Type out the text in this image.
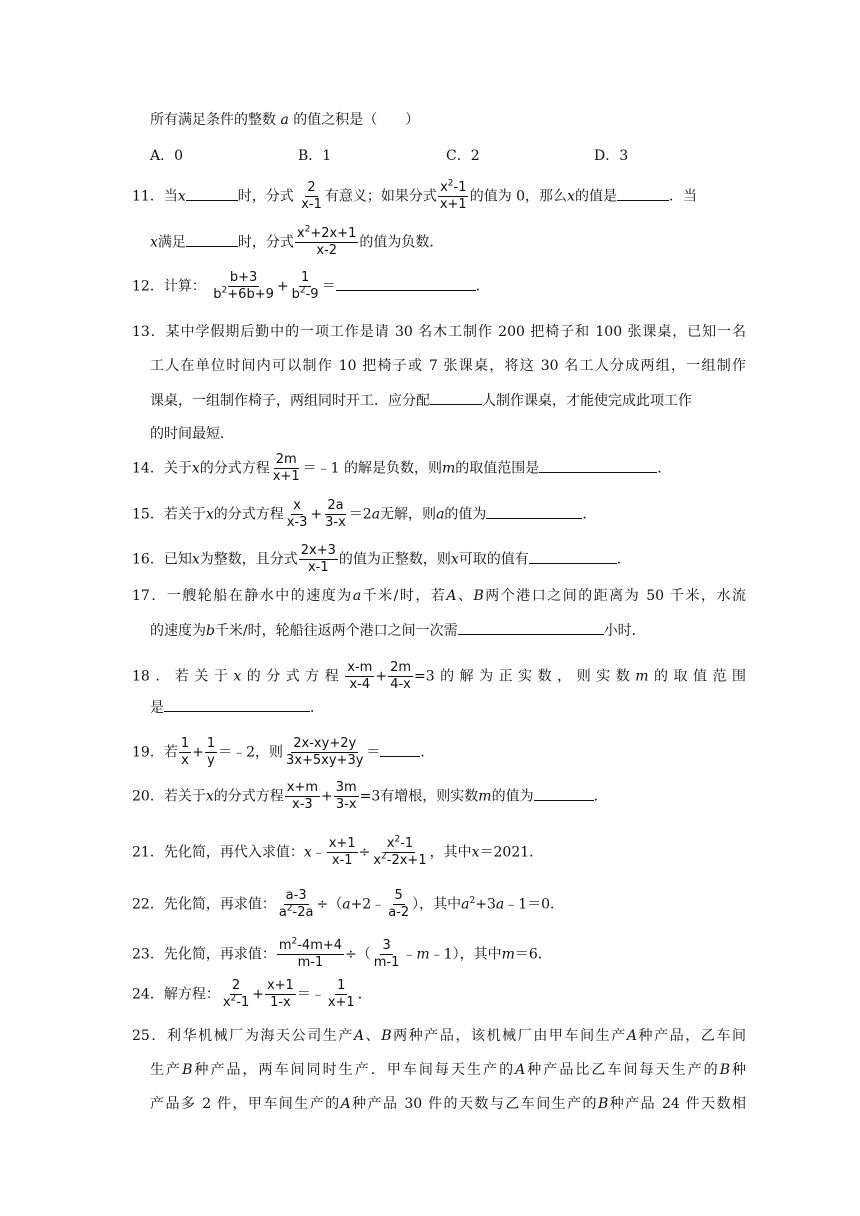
所有满足条件的整数 a 的值之积是（　　）
A．0	B．1	C．2	D．3
11．当x	时，分式 $\frac{2}{x-1}$ 有意义；如果分式 $\frac{x^2-1}{x+1}$ 的值为 0，那么x的值是	．当
x满足	时，分式 $\frac{x^2+2x+1}{x-2}$ 的值为负数．
12．计算： $\frac{b+3}{b^2+6b+9} + \frac{1}{b^2-9}$ ＝	．
13．某中学假期后勤中的一项工作是请 30 名木工制作 200 把椅子和 100 张课桌，已知一名
工人在单位时间内可以制作 10 把椅子或 7 张课桌，将这 30 名工人分成两组，一组制作
课桌，一组制作椅子，两组同时开工．应分配	人制作课桌，才能使完成此项工作
的时间最短．
14．关于x的分式方程 $\frac{2m}{x+1}$ ＝﹣1 的解是负数，则m的取值范围是	．
15．若关于x的分式方程 $\frac{x}{x-3} + \frac{2a}{3-x} =2a$无解，则a的值为	．
16．已知x为整数，且分式 $\frac{2x+3}{x-1}$ 的值为正整数，则x可取的值有	．
17．一艘轮船在静水中的速度为a千米/时，若A、B两个港口之间的距离为 50 千米，水流
的速度为b千米/时，轮船往返两个港口之间一次需	小时．
18．若关于x的分式方程 $\frac{x-m}{x-4} + \frac{2m}{4-x} =3$的解为正实数，则实数m的取值范围
是	．
19．若 $\frac{1}{x} + \frac{1}{y}$ ＝﹣2，则 $\frac{2x-xy+2y}{3x+5xy+3y}$ ＝	．
20．若关于x的分式方程 $\frac{x+m}{x-3} + \frac{3m}{3-x} =3$有增根，则实数m的值为	．
21．先化简，再代入求值：x﹣ $\frac{x+1}{x-1} \div \frac{x^2-1}{x^2-2x+1}$ ，其中x＝2021．
22．先化简，再求值： $\frac{a-3}{a^2-2a}$ ÷（a+2﹣ $\frac{5}{a-2}$ ），其中$a^2+3a﹣1=0$．
23．先化简，再求值： $\frac{m^2-4m+4}{m-1}$ ÷（ $\frac{3}{m-1}$ ﹣m﹣1），其中m＝6．
24．解方程： $\frac{2}{x^2-1} + \frac{x+1}{1-x}$ ＝﹣ $\frac{1}{x+1}$ ．
25．利华机械厂为海天公司生产A、B两种产品，该机械厂由甲车间生产A种产品，乙车间
生产B种产品，两车间同时生产．甲车间每天生产的A种产品比乙车间每天生产的B种
产品多 2 件，甲车间生产的A种产品 30 件的天数与乙车间生产的B种产品 24 件天数相
